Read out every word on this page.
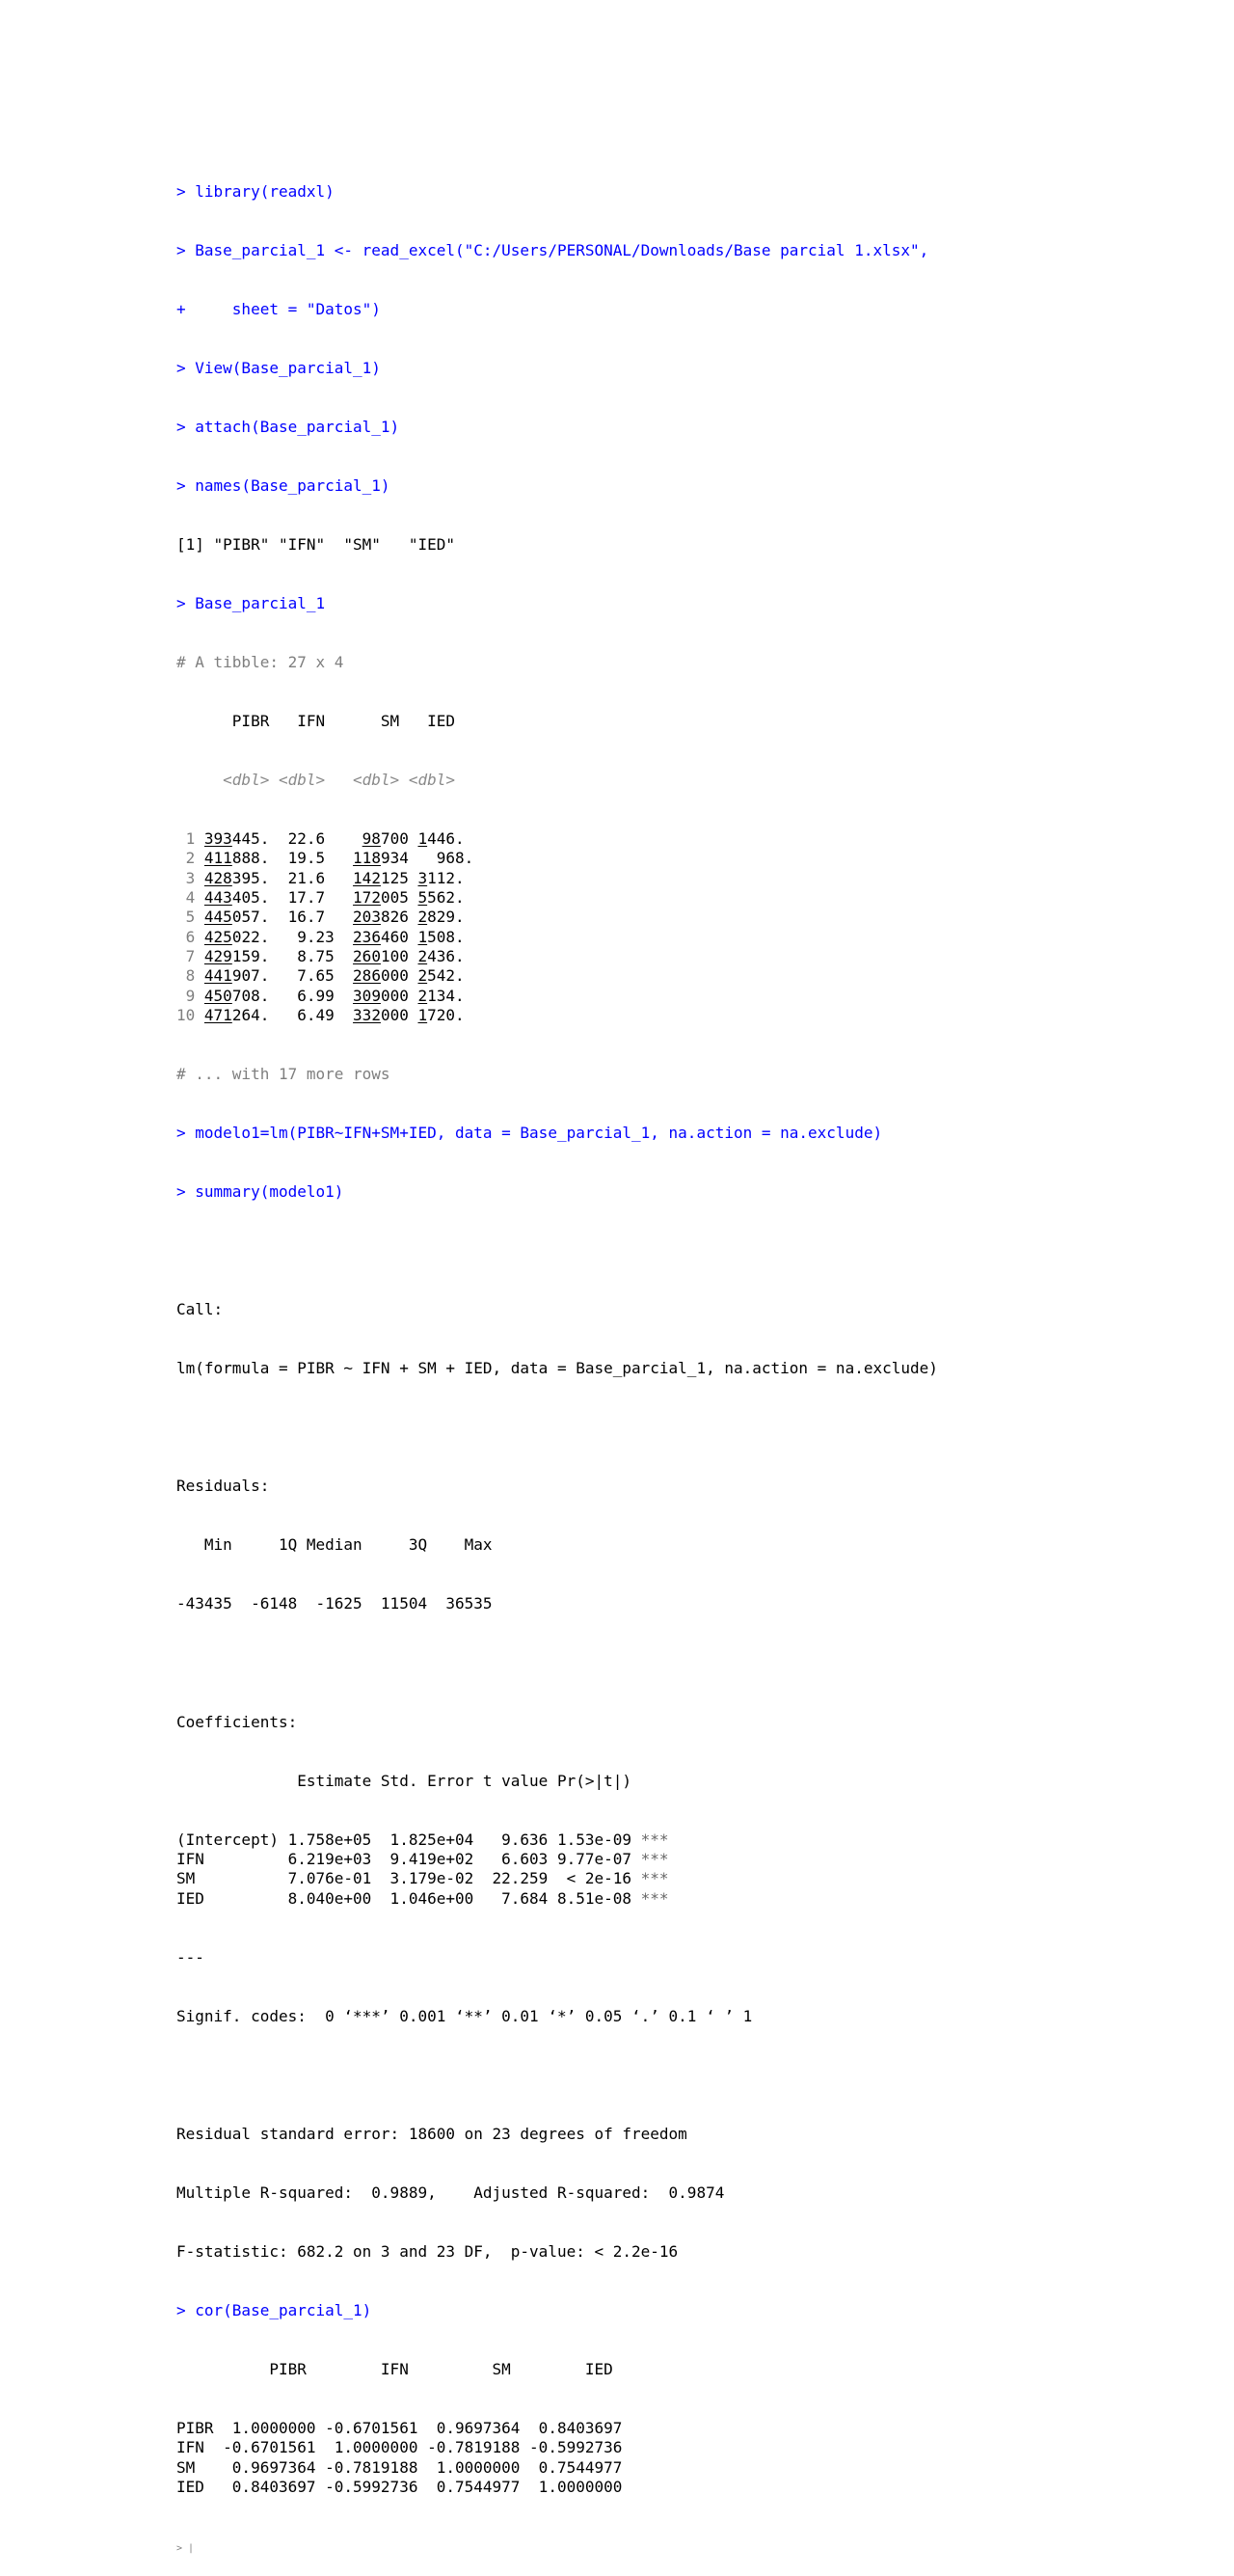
> library(readxl)

> Base_parcial_1 <- read_excel("C:/Users/PERSONAL/Downloads/Base parcial 1.xlsx",

+     sheet = "Datos")

> View(Base_parcial_1)

> attach(Base_parcial_1)

> names(Base_parcial_1)

[1] "PIBR" "IFN"  "SM"   "IED"

> Base_parcial_1

# A tibble: 27 x 4

PIBR   IFN      SM   IED

<dbl> <dbl>   <dbl> <dbl>

1 393445.  22.6    98700 1446.
2 411888.  19.5   118934   968.
3 428395.  21.6   142125 3112.
4 443405.  17.7   172005 5562.
5 445057.  16.7   203826 2829.
6 425022.   9.23  236460 1508.
7 429159.   8.75  260100 2436.
8 441907.   7.65  286000 2542.
9 450708.   6.99  309000 2134.
10 471264.   6.49  332000 1720.

# ... with 17 more rows

> modelo1=lm(PIBR~IFN+SM+IED, data = Base_parcial_1, na.action = na.exclude)

> summary(modelo1)

Call:

lm(formula = PIBR ~ IFN + SM + IED, data = Base_parcial_1, na.action = na.exclude)

Residuals:

Min     1Q Median     3Q    Max

-43435  -6148  -1625  11504  36535

Coefficients:

Estimate Std. Error t value Pr(>|t|)

(Intercept) 1.758e+05  1.825e+04   9.636 1.53e-09 ***
IFN         6.219e+03  9.419e+02   6.603 9.77e-07 ***
SM          7.076e-01  3.179e-02  22.259  < 2e-16 ***
IED         8.040e+00  1.046e+00   7.684 8.51e-08 ***

---

Signif. codes:  0 ‘***’ 0.001 ‘**’ 0.01 ‘*’ 0.05 ‘.’ 0.1 ‘ ’ 1

Residual standard error: 18600 on 23 degrees of freedom

Multiple R-squared:  0.9889,	Adjusted R-squared:  0.9874

F-statistic: 682.2 on 3 and 23 DF,  p-value: < 2.2e-16

> cor(Base_parcial_1)

PIBR        IFN         SM        IED

PIBR  1.0000000 -0.6701561  0.9697364  0.8403697
IFN  -0.6701561  1.0000000 -0.7819188 -0.5992736
SM    0.9697364 -0.7819188  1.0000000  0.7544977
IED   0.8403697 -0.5992736  0.7544977  1.0000000

> |
